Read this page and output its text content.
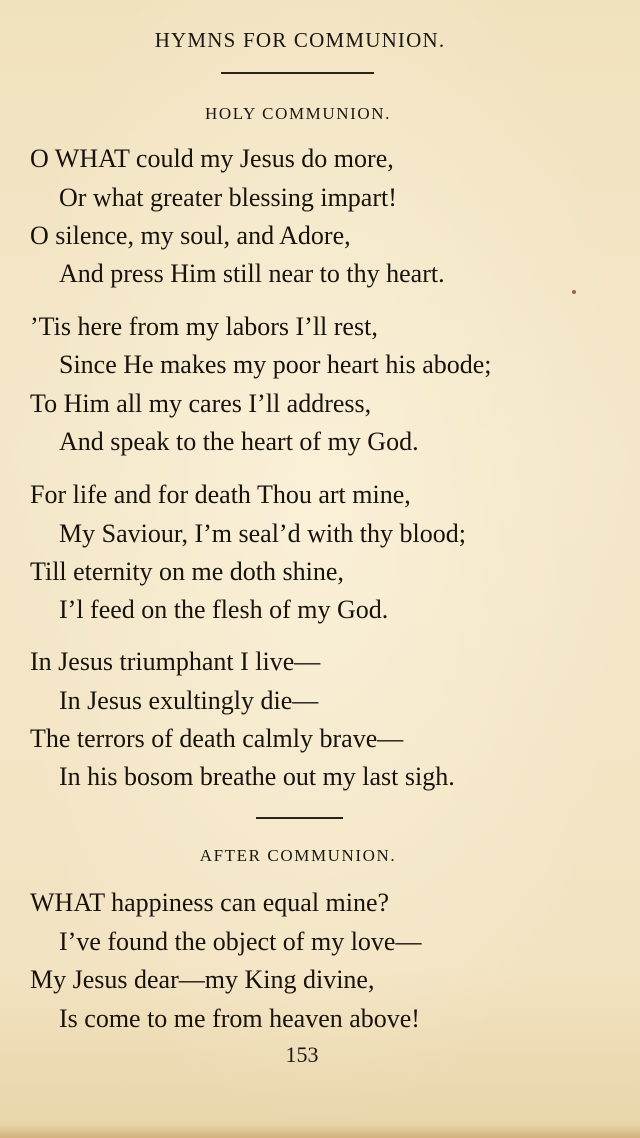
HYMNS FOR COMMUNION.
HOLY COMMUNION.
O WHAT could my Jesus do more,
Or what greater blessing impart!
O silence, my soul, and Adore,
And press Him still near to thy heart.
’Tis here from my labors I’ll rest,
Since He makes my poor heart his abode;
To Him all my cares I’ll address,
And speak to the heart of my God.
For life and for death Thou art mine,
My Saviour, I’m seal’d with thy blood;
Till eternity on me doth shine,
I’l feed on the flesh of my God.
In Jesus triumphant I live—
In Jesus exultingly die—
The terrors of death calmly brave—
In his bosom breathe out my last sigh.
AFTER COMMUNION.
WHAT happiness can equal mine?
I’ve found the object of my love—
My Jesus dear—my King divine,
Is come to me from heaven above!
153
